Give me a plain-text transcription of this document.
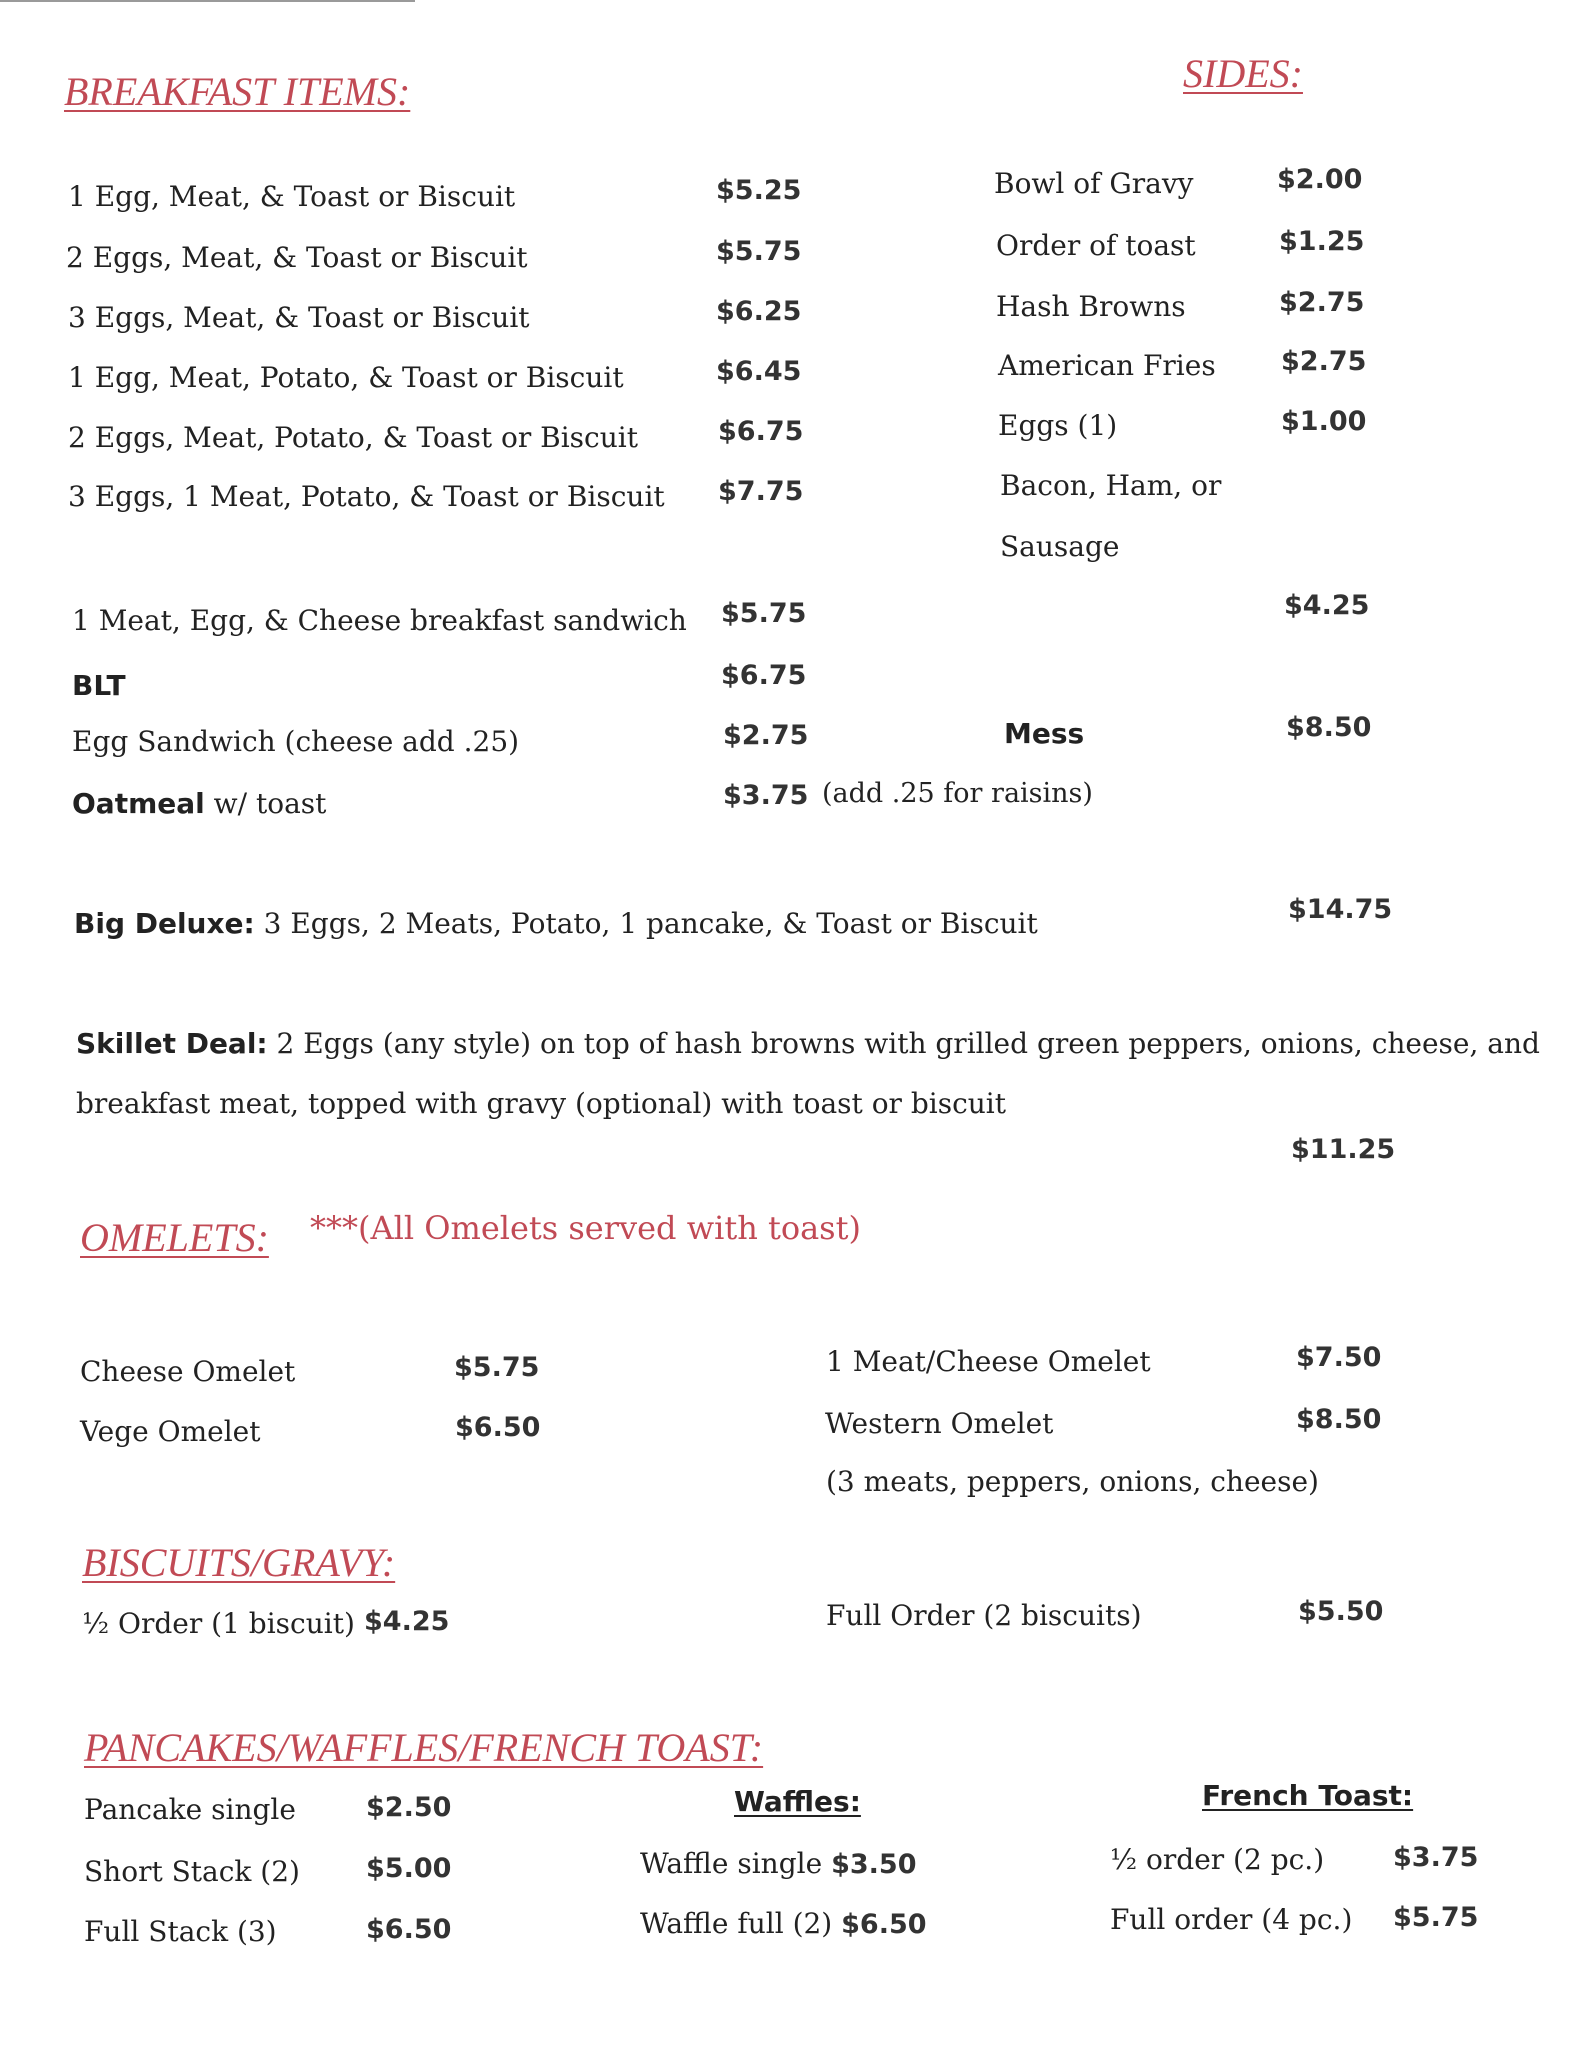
BREAKFAST ITEMS:
1 Egg, Meat, & Toast or Biscuit	$5.25
2 Eggs, Meat, & Toast or Biscuit	$5.75
3 Eggs, Meat, & Toast or Biscuit	$6.25
1 Egg, Meat, Potato, & Toast or Biscuit	$6.45
2 Eggs, Meat, Potato, & Toast or Biscuit	$6.75
3 Eggs, 1 Meat, Potato, & Toast or Biscuit $7.75
1 Meat, Egg, & Cheese breakfast sandwich $5.75
BLT	$6.75
Egg Sandwich (cheese add .25)	$2.75
Oatmeal w/ toast	$3.75 (add .25 for raisins)
Big Deluxe: 3 Eggs, 2 Meats, Potato, 1 pancake, & Toast or Biscuit	$14.75
Skillet Deal: 2 Eggs (any style) on top of hash browns with grilled green peppers, onions, cheese, and
breakfast meat, topped with gravy (optional) with toast or biscuit
$11.25
SIDES:
Bowl of Gravy	$2.00
Order of toast	$1.25
Hash Browns	$2.75
American Fries $2.75
Eggs (1)	$1.00
Bacon, Ham, or
Sausage
$4.25
Mess	$8.50
OMELETS: ***(All Omelets served with toast)
Cheese Omelet	$5.75
Vege Omelet	$6.50
1 Meat/Cheese Omelet	$7.50
Western Omelet	$8.50
(3 meats, peppers, onions, cheese)
BISCUITS/GRAVY:
½ Order (1 biscuit) $4.25	Full Order (2 biscuits)	$5.50
PANCAKES/WAFFLES/FRENCH TOAST:
Pancake single	$2.50
Short Stack (2) $5.00
Full Stack (3)	$6.50
Waffles:
Waffle single $3.50
Waffle full (2) $6.50
French Toast:
½ order (2 pc.)	$3.75
Full order (4 pc.) $5.75
